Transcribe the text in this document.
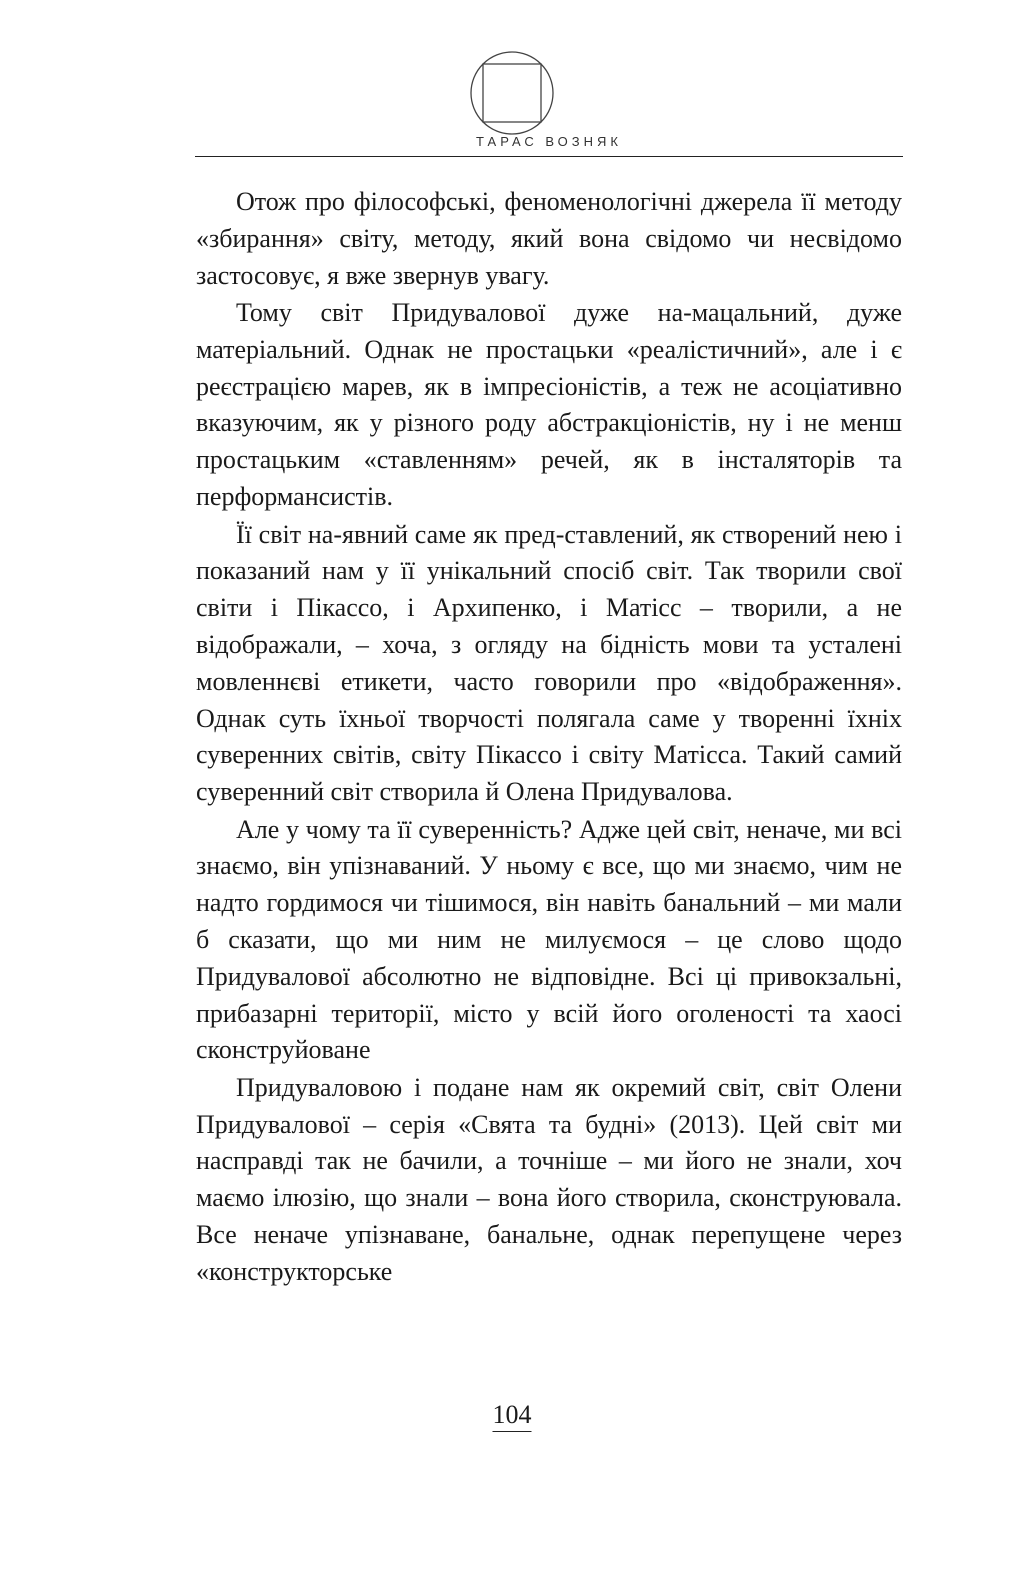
ТАРАС ВОЗНЯК

Отож про філософські, феноменологічні джерела її методу «збирання» світу, методу, який вона свідомо чи несвідомо застосовує, я вже звернув увагу.

Тому світ Придувалової дуже на-мацальний, дуже матеріальний. Однак не простацьки «реалістичний», але і є реєстрацією марев, як в імпресіоністів, а теж не асоціативно вказуючим, як у різного роду абстракціоністів, ну і не менш простацьким «ставленням» речей, як в інсталяторів та перформансистів.

Її світ на-явний саме як пред-ставлений, як створений нею і показаний нам у її унікальний спосіб світ. Так творили свої світи і Пікассо, і Архипенко, і Матісс – творили, а не відображали, – хоча, з огляду на бідність мови та усталені мовленнєві етикети, часто говорили про «відображення». Однак суть їхньої творчості полягала саме у творенні їхніх суверенних світів, світу Пікассо і світу Матісса. Такий самий суверенний світ створила й Олена Придувалова.

Але у чому та її суверенність? Адже цей світ, неначе, ми всі знаємо, він упізнаваний. У ньому є все, що ми знаємо, чим не надто гордимося чи тішимося, він навіть банальний – ми мали б сказати, що ми ним не милуємося – це слово щодо Придувалової абсолютно не відповідне. Всі ці привокзальні, прибазарні території, місто у всій його оголеності та хаосі сконструйоване

Придуваловою і подане нам як окремий світ, світ Олени Придувалової – серія «Свята та будні» (2013). Цей світ ми насправді так не бачили, а точніше – ми його не знали, хоч маємо ілюзію, що знали – вона його створила, сконструювала. Все неначе упізнаване, банальне, однак перепущене через «конструкторське

104
